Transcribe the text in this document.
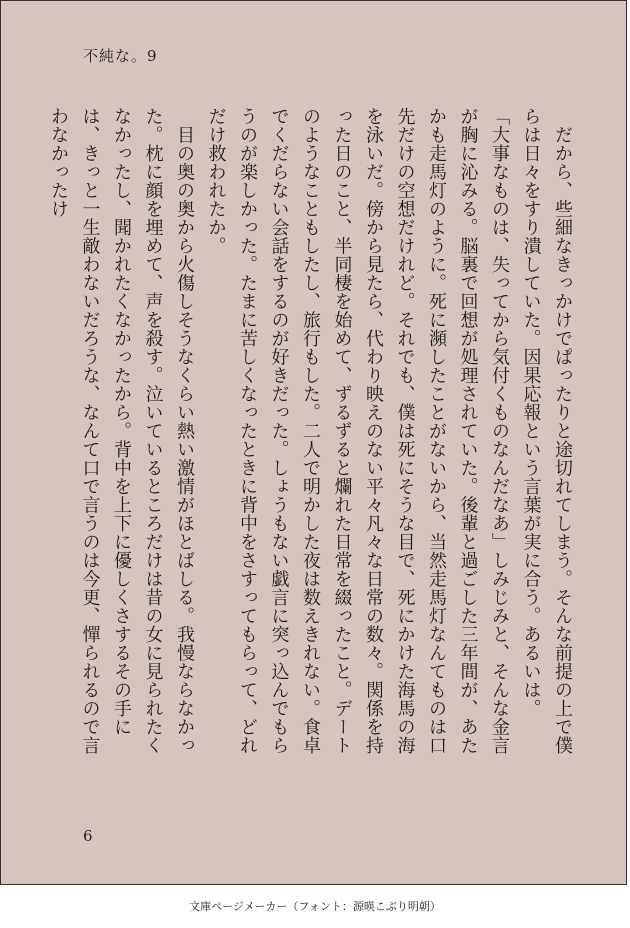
不純な。9

　だから、些細なきっかけでぱったりと途切れてしまう。そんな前提の上で僕らは日々をすり潰していた。因果応報という言葉が実に合う。あるいは。

「大事なものは、失ってから気付くものなんだなあ」しみじみと、そんな金言が胸に沁みる。脳裏で回想が処理されていた。後輩と過ごした三年間が、あたかも走馬灯のように。死に瀕したことがないから、当然走馬灯なんてものは口先だけの空想だけれど。それでも、僕は死にそうな目で、死にかけた海馬の海を泳いだ。傍から見たら、代わり映えのない平々凡々な日常の数々。関係を持った日のこと、半同棲を始めて、ずるずると爛れた日常を綴ったこと。デートのようなこともしたし、旅行もした。二人で明かした夜は数えきれない。食卓でくだらない会話をするのが好きだった。しょうもない戯言に突っ込んでもらうのが楽しかった。たまに苦しくなったときに背中をさすってもらって、どれだけ救われたか。

　目の奥の奥から火傷しそうなくらい熱い激情がほとばしる。我慢ならなかった。枕に顔を埋めて、声を殺す。泣いているところだけは昔の女に見られたくなかったし、聞かれたくなかったから。背中を上下に優しくさするその手には、きっと一生敵わないだろうな、なんて口で言うのは今更、憚られるので言わなかったけ

6
文庫ページメーカー（フォント：源暎こぶり明朝）
